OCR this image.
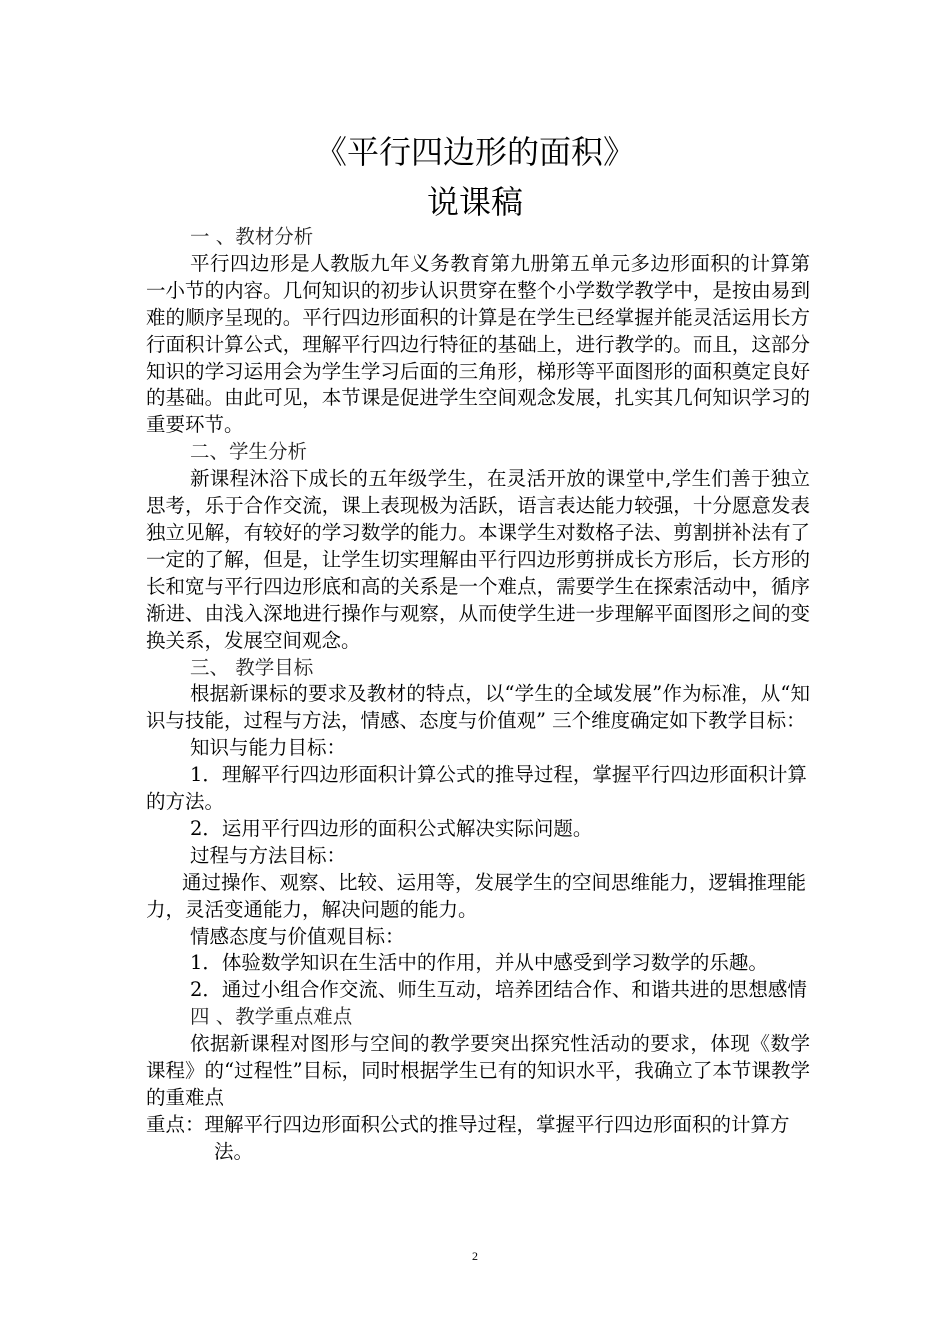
《平行四边形的面积》
说课稿

一 、教材分析

平行四边形是人教版九年义务教育第九册第五单元多边形面积的计算第一小节的内容。几何知识的初步认识贯穿在整个小学数学教学中，是按由易到难的顺序呈现的。平行四边形面积的计算是在学生已经掌握并能灵活运用长方行面积计算公式，理解平行四边行特征的基础上，进行教学的。而且，这部分知识的学习运用会为学生学习后面的三角形，梯形等平面图形的面积奠定良好的基础。由此可见，本节课是促进学生空间观念发展，扎实其几何知识学习的重要环节。

二、学生分析

新课程沐浴下成长的五年级学生，在灵活开放的课堂中,学生们善于独立思考，乐于合作交流，课上表现极为活跃，语言表达能力较强，十分愿意发表独立见解，有较好的学习数学的能力。本课学生对数格子法、剪割拼补法有了一定的了解，但是，让学生切实理解由平行四边形剪拼成长方形后，长方形的长和宽与平行四边形底和高的关系是一个难点，需要学生在探索活动中，循序渐进、由浅入深地进行操作与观察，从而使学生进一步理解平面图形之间的变换关系，发展空间观念。

三、 教学目标

根据新课标的要求及教材的特点，以“学生的全域发展”作为标准，从“知识与技能，过程与方法，情感、态度与价值观” 三个维度确定如下教学目标：

知识与能力目标：

1．理解平行四边形面积计算公式的推导过程，掌握平行四边形面积计算的方法。

2．运用平行四边形的面积公式解决实际问题。

过程与方法目标：

通过操作、观察、比较、运用等，发展学生的空间思维能力，逻辑推理能力，灵活变通能力，解决问题的能力。

情感态度与价值观目标：

1．体验数学知识在生活中的作用，并从中感受到学习数学的乐趣。

2．通过小组合作交流、师生互动，培养团结合作、和谐共进的思想感情

四 、教学重点难点

依据新课程对图形与空间的教学要突出探究性活动的要求，体现《数学课程》的“过程性”目标，同时根据学生已有的知识水平，我确立了本节课教学的重难点

重点：理解平行四边形面积公式的推导过程，掌握平行四边形面积的计算方法。

2
